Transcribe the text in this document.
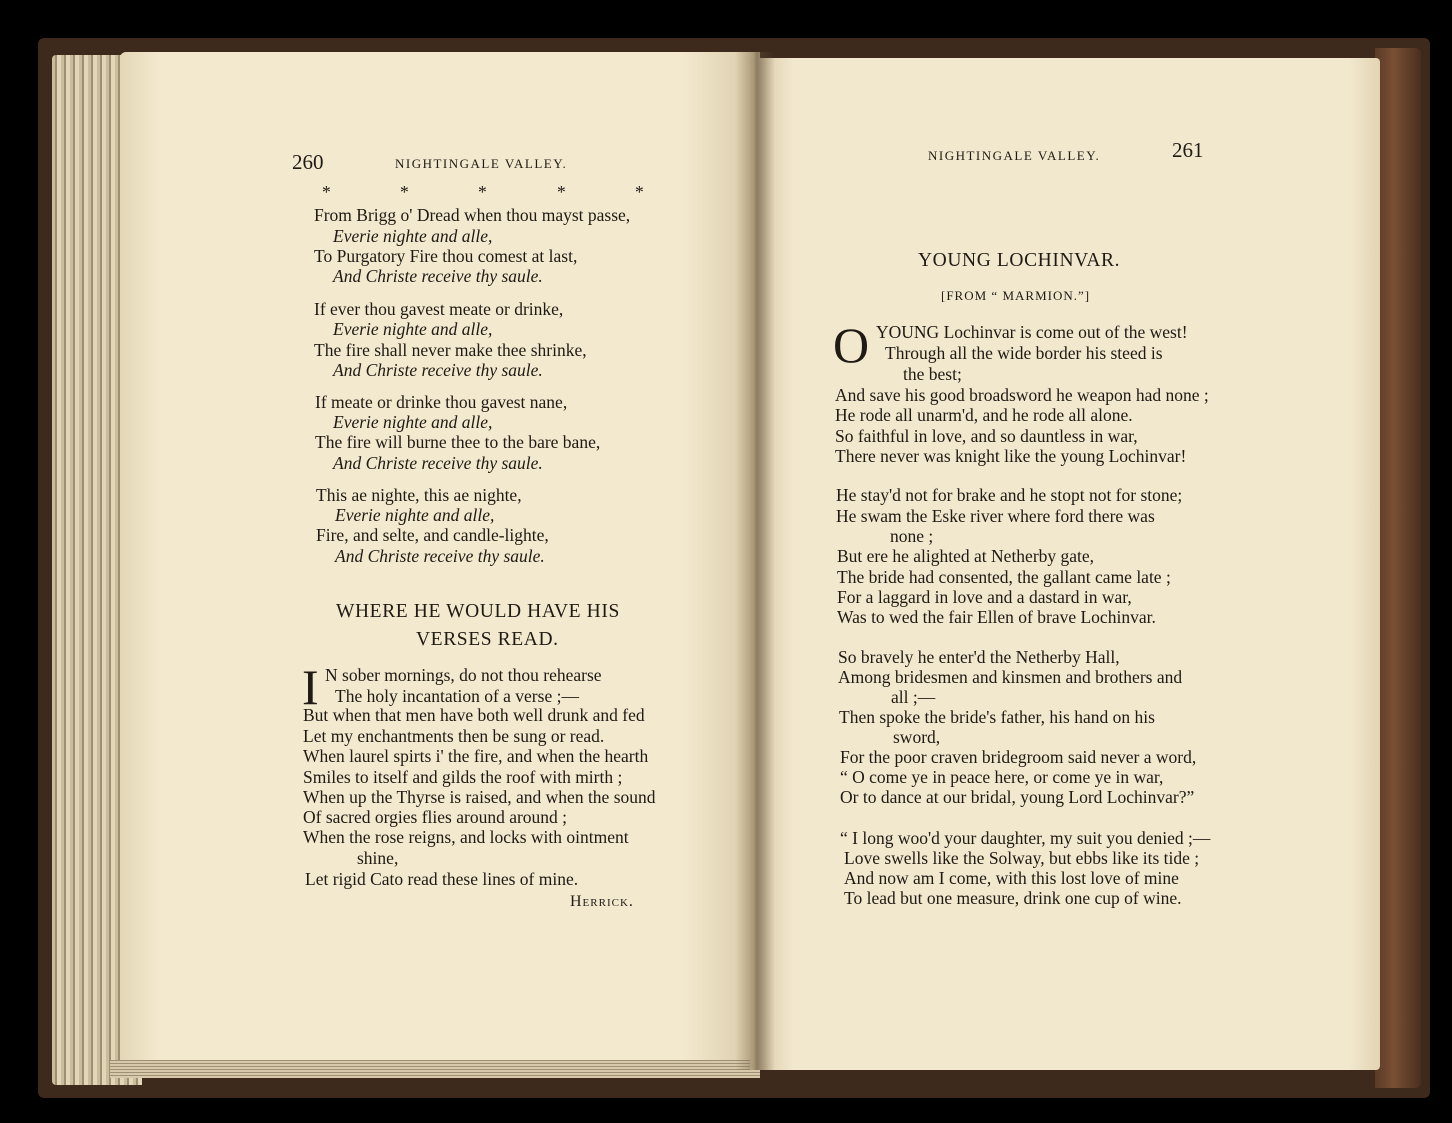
260	NIGHTINGALE VALLEY.
*	*	*	*	*
From Brigg o' Dread when thou mayst passe,
Everie nighte and alle,
To Purgatory Fire thou comest at last,
And Christe receive thy saule.
If ever thou gavest meate or drinke,
Everie nighte and alle,
The fire shall never make thee shrinke,
And Christe receive thy saule.
If meate or drinke thou gavest nane,
Everie nighte and alle,
The fire will burne thee to the bare bane,
And Christe receive thy saule.
This ae nighte, this ae nighte,
Everie nighte and alle,
Fire, and selte, and candle-lighte,
And Christe receive thy saule.
WHERE HE WOULD HAVE HIS
VERSES READ.
I N sober mornings, do not thou rehearse
The holy incantation of a verse ;—
But when that men have both well drunk and fed
Let my enchantments then be sung or read.
When laurel spirts i' the fire, and when the hearth
Smiles to itself and gilds the roof with mirth ;
When up the Thyrse is raised, and when the sound
Of sacred orgies flies around around ;
When the rose reigns, and locks with ointment
shine,
Let rigid Cato read these lines of mine.
Herrick.
NIGHTINGALE VALLEY.	261
YOUNG LOCHINVAR.
[FROM “ MARMION.”]
O YOUNG Lochinvar is come out of the west!
Through all the wide border his steed is
the best;
And save his good broadsword he weapon had none ;
He rode all unarm'd, and he rode all alone.
So faithful in love, and so dauntless in war,
There never was knight like the young Lochinvar!
He stay'd not for brake and he stopt not for stone;
He swam the Eske river where ford there was
none ;
But ere he alighted at Netherby gate,
The bride had consented, the gallant came late ;
For a laggard in love and a dastard in war,
Was to wed the fair Ellen of brave Lochinvar.
So bravely he enter'd the Netherby Hall,
Among bridesmen and kinsmen and brothers and
all ;—
Then spoke the bride's father, his hand on his
sword,
For the poor craven bridegroom said never a word,
“ O come ye in peace here, or come ye in war,
Or to dance at our bridal, young Lord Lochinvar?”
“ I long woo'd your daughter, my suit you denied ;—
Love swells like the Solway, but ebbs like its tide ;
And now am I come, with this lost love of mine
To lead but one measure, drink one cup of wine.
